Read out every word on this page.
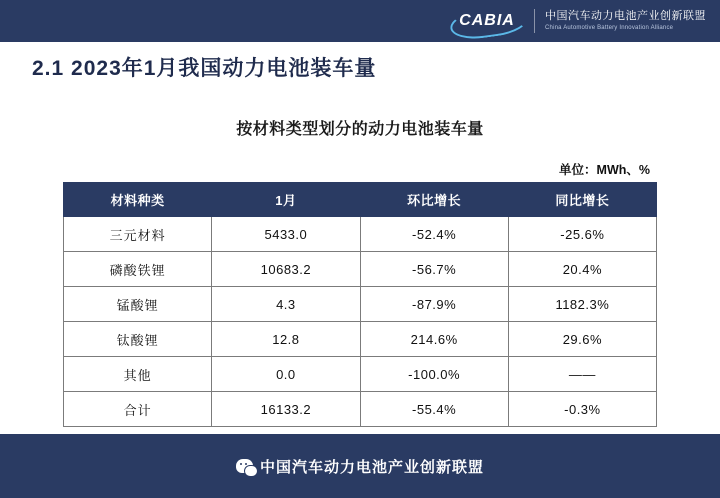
CABIA	中国汽车动力电池产业创新联盟
China Automotive Battery Innovation Alliance
2.1 2023年1月我国动力电池装车量
按材料类型划分的动力电池装车量
单位：MWh、%
材料种类	1月	环比增长	同比增长
三元材料	5433.0	-52.4%	-25.6%
磷酸铁锂	10683.2	-56.7%	20.4%
锰酸锂	4.3	-87.9%	1182.3%
钛酸锂	12.8	214.6%	29.6%
其他	0.0	-100.0%	——
合计	16133.2	-55.4%	-0.3%
中国汽车动力电池产业创新联盟
